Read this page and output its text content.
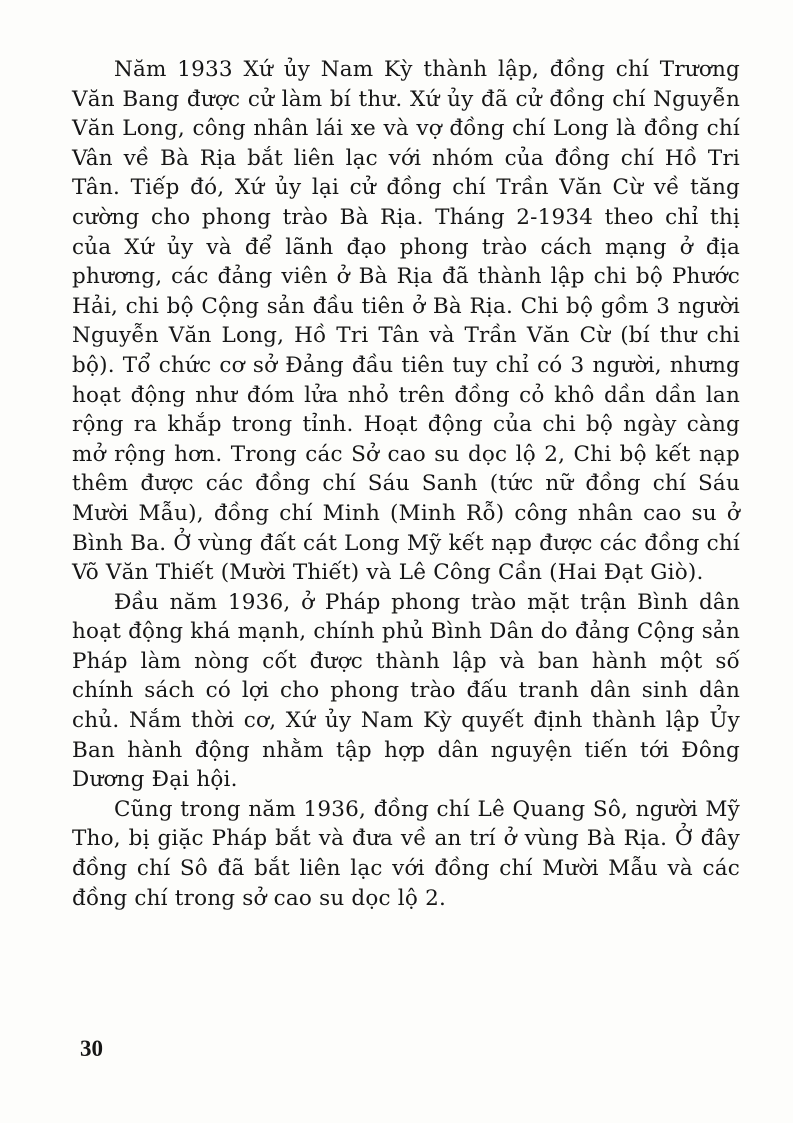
Năm 1933 Xứ ủy Nam Kỳ thành lập, đồng chí Trương Văn Bang được cử làm bí thư. Xứ ủy đã cử đồng chí Nguyễn Văn Long, công nhân lái xe và vợ đồng chí Long là đồng chí Vân về Bà Rịa bắt liên lạc với nhóm của đồng chí Hồ Tri Tân. Tiếp đó, Xứ ủy lại cử đồng chí Trần Văn Cừ về tăng cường cho phong trào Bà Rịa. Tháng 2-1934 theo chỉ thị của Xứ ủy và để lãnh đạo phong trào cách mạng ở địa phương, các đảng viên ở Bà Rịa đã thành lập chi bộ Phước Hải, chi bộ Cộng sản đầu tiên ở Bà Rịa. Chi bộ gồm 3 người Nguyễn Văn Long, Hồ Tri Tân và Trần Văn Cừ (bí thư chi bộ). Tổ chức cơ sở Đảng đầu tiên tuy chỉ có 3 người, nhưng hoạt động như đóm lửa nhỏ trên đồng cỏ khô dần dần lan rộng ra khắp trong tỉnh. Hoạt động của chi bộ ngày càng mở rộng hơn. Trong các Sở cao su dọc lộ 2, Chi bộ kết nạp thêm được các đồng chí Sáu Sanh (tức nữ đồng chí Sáu Mười Mẫu), đồng chí Minh (Minh Rỗ) công nhân cao su ở Bình Ba. Ở vùng đất cát Long Mỹ kết nạp được các đồng chí Võ Văn Thiết (Mười Thiết) và Lê Công Cần (Hai Đạt Giò).

Đầu năm 1936, ở Pháp phong trào mặt trận Bình dân hoạt động khá mạnh, chính phủ Bình Dân do đảng Cộng sản Pháp làm nòng cốt được thành lập và ban hành một số chính sách có lợi cho phong trào đấu tranh dân sinh dân chủ. Nắm thời cơ, Xứ ủy Nam Kỳ quyết định thành lập Ủy Ban hành động nhằm tập hợp dân nguyện tiến tới Đông Dương Đại hội.

Cũng trong năm 1936, đồng chí Lê Quang Sô, người Mỹ Tho, bị giặc Pháp bắt và đưa về an trí ở vùng Bà Rịa. Ở đây đồng chí Sô đã bắt liên lạc với đồng chí Mười Mẫu và các đồng chí trong sở cao su dọc lộ 2.

30
